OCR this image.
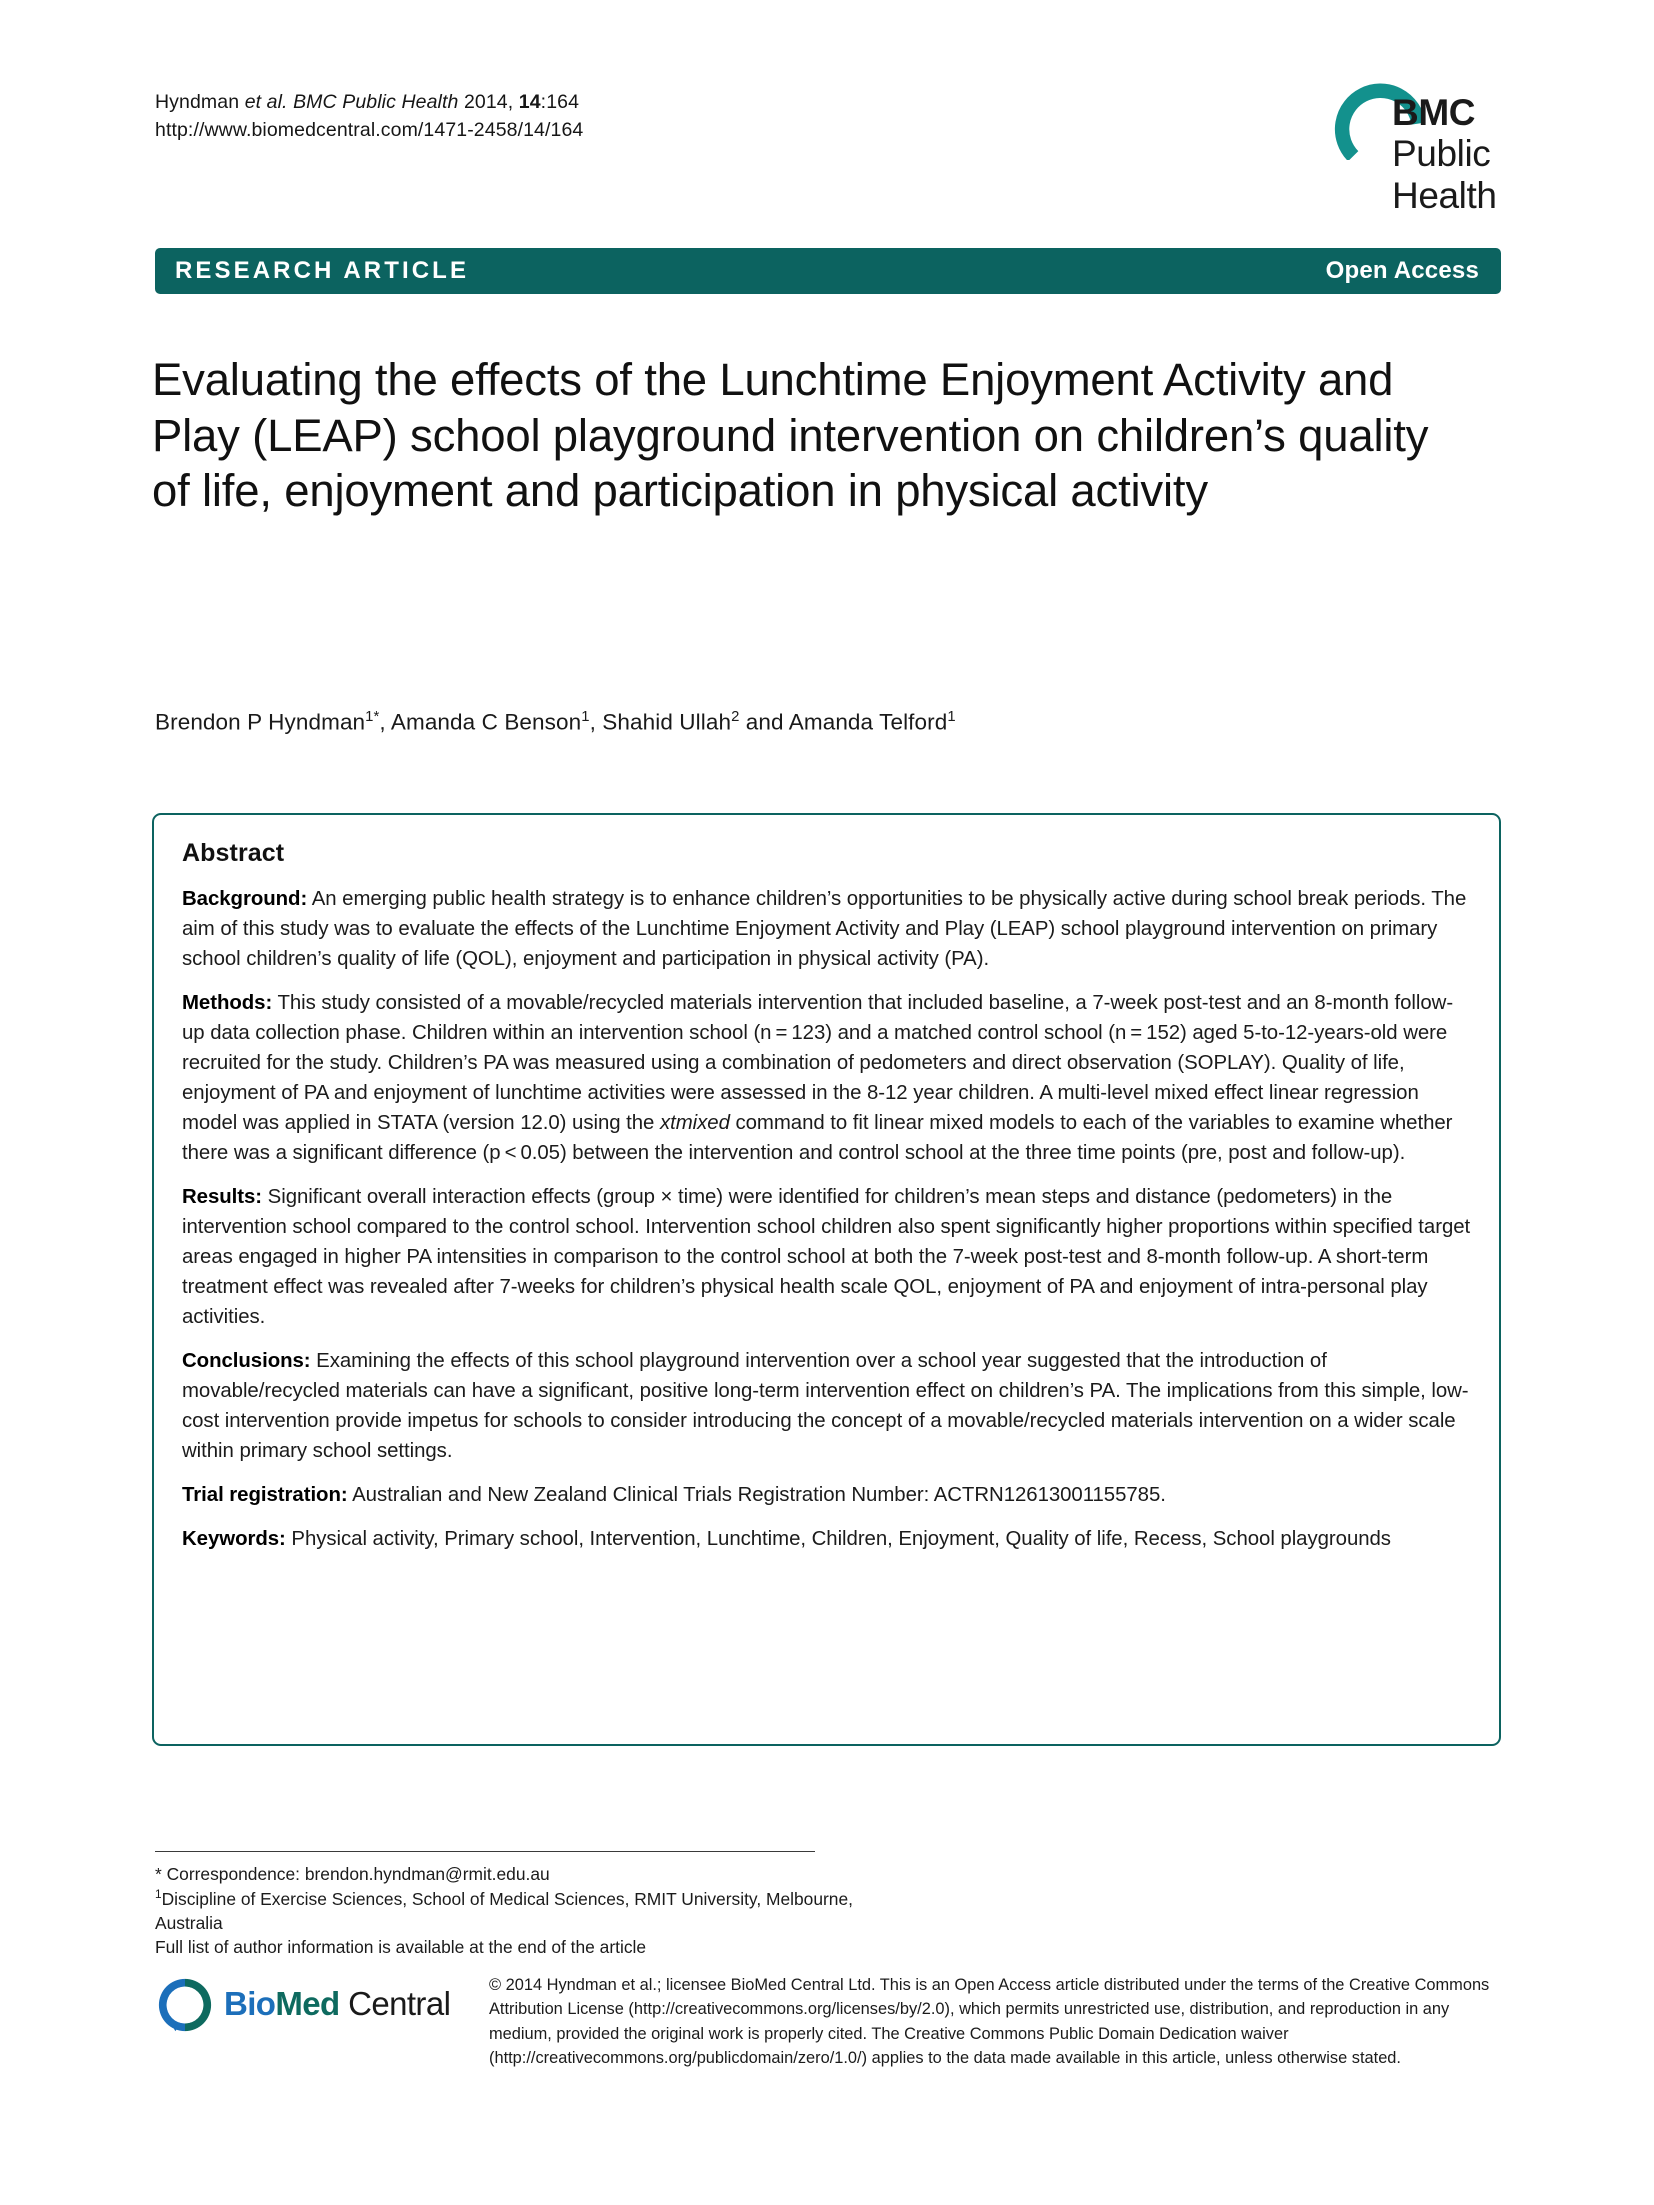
Hyndman et al. BMC Public Health 2014, 14:164
http://www.biomedcentral.com/1471-2458/14/164	BMC
Public Health
RESEARCH ARTICLE	Open Access
Evaluating the effects of the Lunchtime Enjoyment Activity and Play (LEAP) school playground intervention on children’s quality of life, enjoyment and participation in physical activity
Brendon P Hyndman$^{1*}$, Amanda C Benson$^1$, Shahid Ullah$^2$ and Amanda Telford$^1$
Abstract
Background: An emerging public health strategy is to enhance children’s opportunities to be physically active during school break periods. The aim of this study was to evaluate the effects of the Lunchtime Enjoyment Activity and Play (LEAP) school playground intervention on primary school children’s quality of life (QOL), enjoyment and participation in physical activity (PA).
Methods: This study consisted of a movable/recycled materials intervention that included baseline, a 7-week post-test and an 8-month follow-up data collection phase. Children within an intervention school (n = 123) and a matched control school (n = 152) aged 5-to-12-years-old were recruited for the study. Children’s PA was measured using a combination of pedometers and direct observation (SOPLAY). Quality of life, enjoyment of PA and enjoyment of lunchtime activities were assessed in the 8-12 year children. A multi-level mixed effect linear regression model was applied in STATA (version 12.0) using the xtmixed command to fit linear mixed models to each of the variables to examine whether there was a significant difference (p < 0.05) between the intervention and control school at the three time points (pre, post and follow-up).
Results: Significant overall interaction effects (group × time) were identified for children’s mean steps and distance (pedometers) in the intervention school compared to the control school. Intervention school children also spent significantly higher proportions within specified target areas engaged in higher PA intensities in comparison to the control school at both the 7-week post-test and 8-month follow-up. A short-term treatment effect was revealed after 7-weeks for children’s physical health scale QOL, enjoyment of PA and enjoyment of intra-personal play activities.
Conclusions: Examining the effects of this school playground intervention over a school year suggested that the introduction of movable/recycled materials can have a significant, positive long-term intervention effect on children’s PA. The implications from this simple, low-cost intervention provide impetus for schools to consider introducing the concept of a movable/recycled materials intervention on a wider scale within primary school settings.
Trial registration: Australian and New Zealand Clinical Trials Registration Number: ACTRN12613001155785.
Keywords: Physical activity, Primary school, Intervention, Lunchtime, Children, Enjoyment, Quality of life, Recess, School playgrounds
* Correspondence: brendon.hyndman@rmit.edu.au
$^1$Discipline of Exercise Sciences, School of Medical Sciences, RMIT University, Melbourne, Australia
Full list of author information is available at the end of the article
BioMed Central © 2014 Hyndman et al.; licensee BioMed Central Ltd. This is an Open Access article distributed under the terms of the Creative Commons Attribution License (http://creativecommons.org/licenses/by/2.0), which permits unrestricted use, distribution, and reproduction in any medium, provided the original work is properly cited. The Creative Commons Public Domain Dedication waiver (http://creativecommons.org/publicdomain/zero/1.0/) applies to the data made available in this article, unless otherwise stated.
